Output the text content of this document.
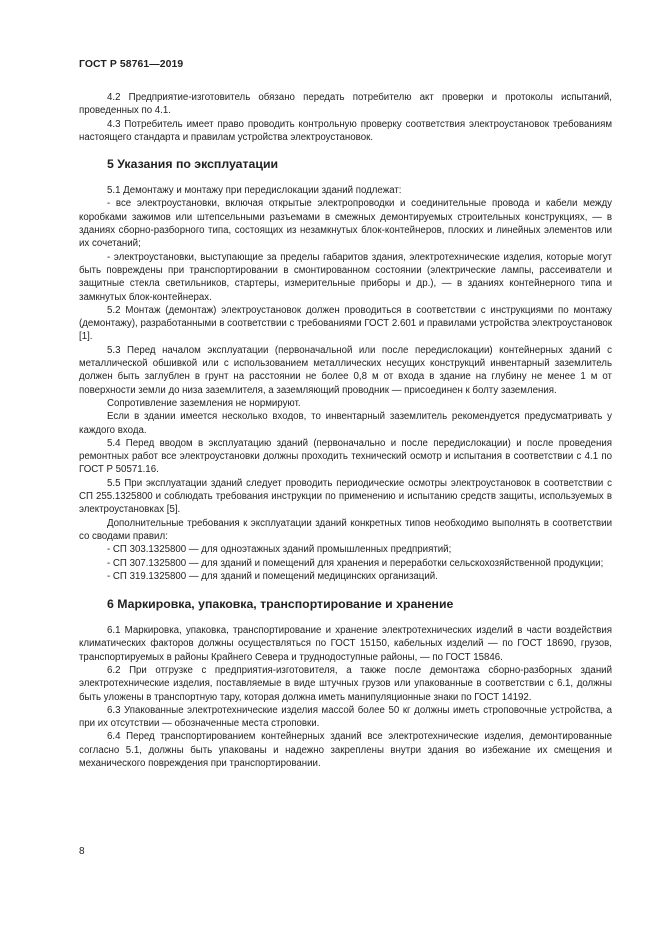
ГОСТ Р 58761—2019

4.2 Предприятие-изготовитель обязано передать потребителю акт проверки и протоколы испытаний, проведенных по 4.1.

4.3 Потребитель имеет право проводить контрольную проверку соответствия электроустановок требованиям настоящего стандарта и правилам устройства электроустановок.

5 Указания по эксплуатации

5.1 Демонтажу и монтажу при передислокации зданий подлежат:

- все электроустановки, включая открытые электропроводки и соединительные провода и кабели между коробками зажимов или штепсельными разъемами в смежных демонтируемых строительных конструкциях, — в зданиях сборно-разборного типа, состоящих из незамкнутых блок-контейнеров, плоских и линейных элементов или их сочетаний;

- электроустановки, выступающие за пределы габаритов здания, электротехнические изделия, которые могут быть повреждены при транспортировании в смонтированном состоянии (электрические лампы, рассеиватели и защитные стекла светильников, стартеры, измерительные приборы и др.), — в зданиях контейнерного типа и замкнутых блок-контейнерах.

5.2 Монтаж (демонтаж) электроустановок должен проводиться в соответствии с инструкциями по монтажу (демонтажу), разработанными в соответствии с требованиями ГОСТ 2.601 и правилами устройства электроустановок [1].

5.3 Перед началом эксплуатации (первоначальной или после передислокации) контейнерных зданий с металлической обшивкой или с использованием металлических несущих конструкций инвентарный заземлитель должен быть заглублен в грунт на расстоянии не более 0,8 м от входа в здание на глубину не менее 1 м от поверхности земли до низа заземлителя, а заземляющий проводник — присоединен к болту заземления.

Сопротивление заземления не нормируют.

Если в здании имеется несколько входов, то инвентарный заземлитель рекомендуется предусматривать у каждого входа.

5.4 Перед вводом в эксплуатацию зданий (первоначально и после передислокации) и после проведения ремонтных работ все электроустановки должны проходить технический осмотр и испытания в соответствии с 4.1 по ГОСТ Р 50571.16.

5.5 При эксплуатации зданий следует проводить периодические осмотры электроустановок в соответствии с СП 255.1325800 и соблюдать требования инструкции по применению и испытанию средств защиты, используемых в электроустановках [5].

Дополнительные требования к эксплуатации зданий конкретных типов необходимо выполнять в соответствии со сводами правил:

- СП 303.1325800 — для одноэтажных зданий промышленных предприятий;

- СП 307.1325800 — для зданий и помещений для хранения и переработки сельскохозяйственной продукции;

- СП 319.1325800 — для зданий и помещений медицинских организаций.

6 Маркировка, упаковка, транспортирование и хранение

6.1 Маркировка, упаковка, транспортирование и хранение электротехнических изделий в части воздействия климатических факторов должны осуществляться по ГОСТ 15150, кабельных изделий — по ГОСТ 18690, грузов, транспортируемых в районы Крайнего Севера и труднодоступные районы, — по ГОСТ 15846.

6.2 При отгрузке с предприятия-изготовителя, а также после демонтажа сборно-разборных зданий электротехнические изделия, поставляемые в виде штучных грузов или упакованные в соответствии с 6.1, должны быть уложены в транспортную тару, которая должна иметь манипуляционные знаки по ГОСТ 14192.

6.3 Упакованные электротехнические изделия массой более 50 кг должны иметь строповочные устройства, а при их отсутствии — обозначенные места строповки.

6.4 Перед транспортированием контейнерных зданий все электротехнические изделия, демонтированные согласно 5.1, должны быть упакованы и надежно закреплены внутри здания во избежание их смещения и механического повреждения при транспортировании.

8
